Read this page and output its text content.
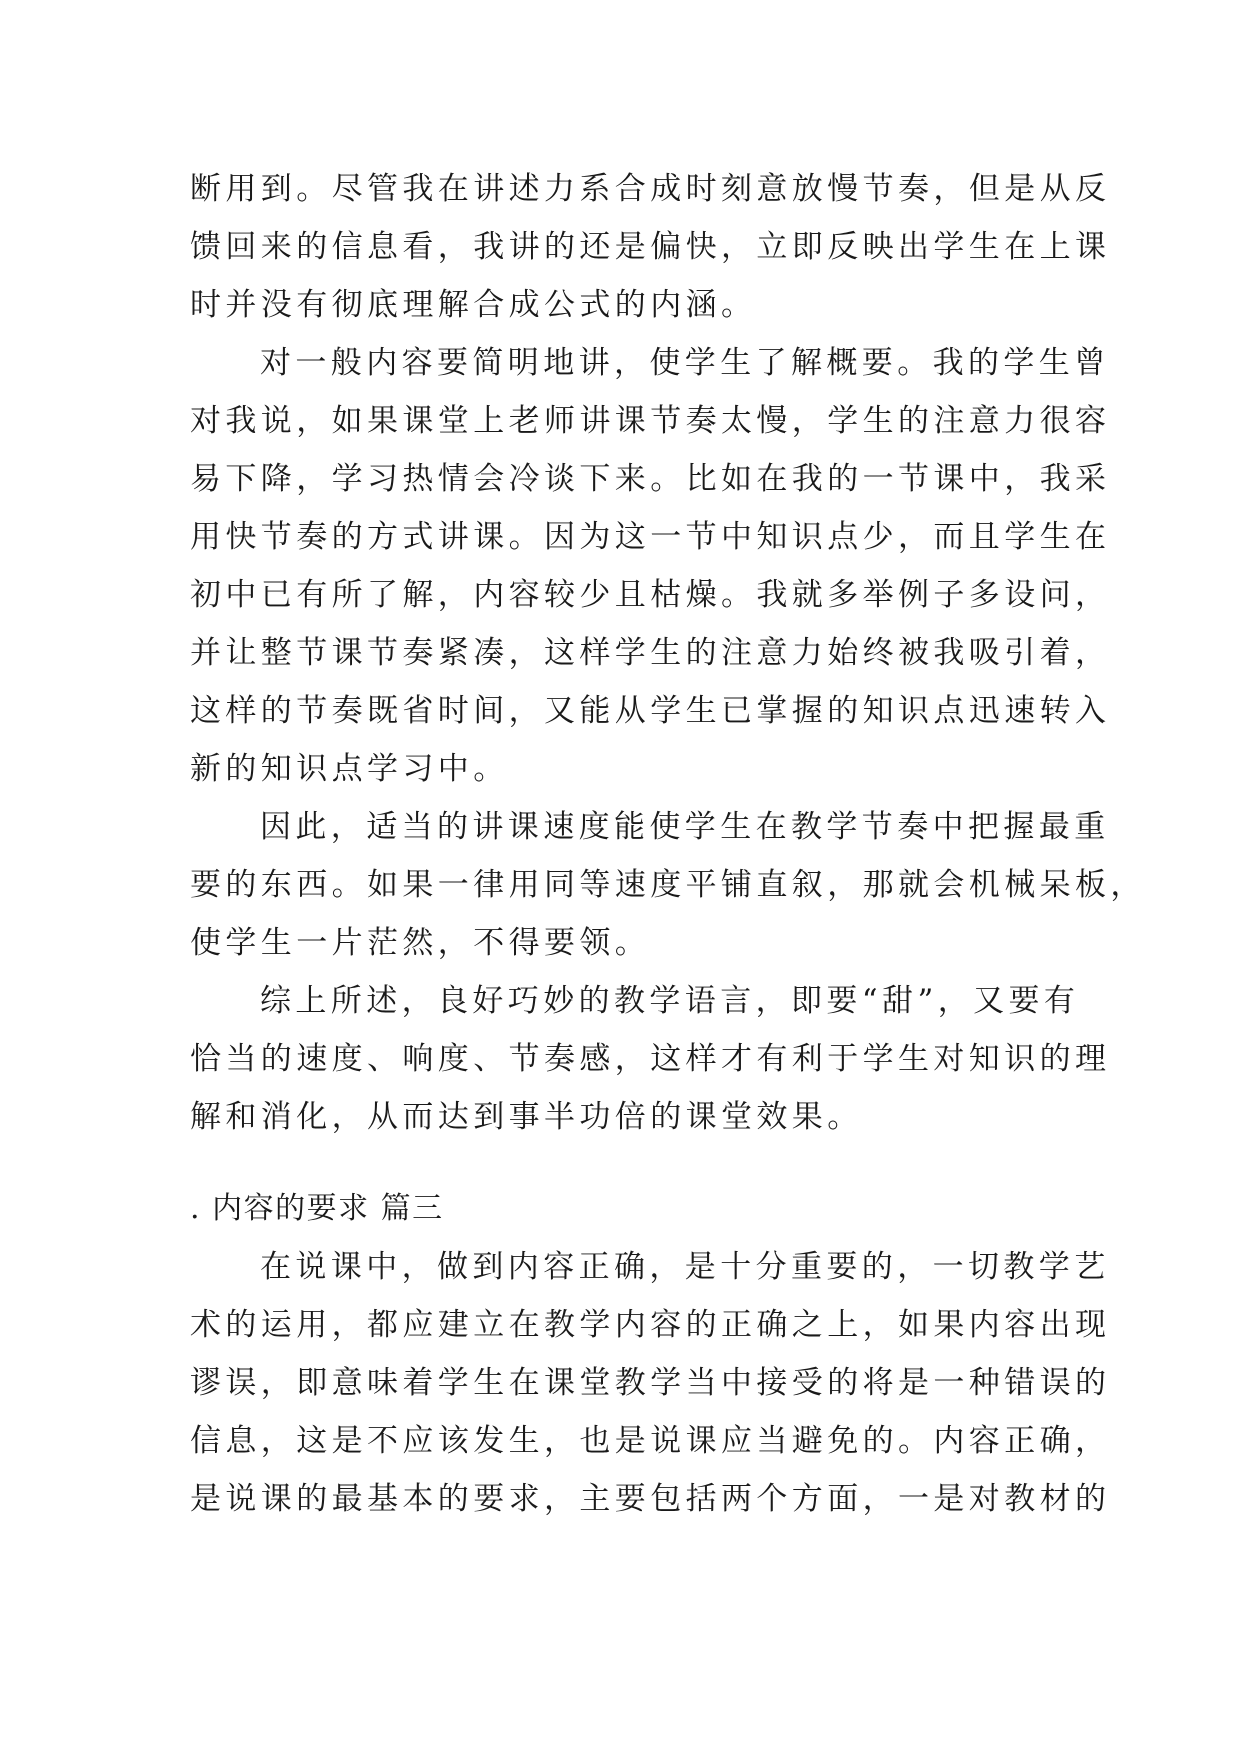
断用到。尽管我在讲述力系合成时刻意放慢节奏，但是从反
馈回来的信息看，我讲的还是偏快，立即反映出学生在上课
时并没有彻底理解合成公式的内涵。
对一般内容要简明地讲，使学生了解概要。我的学生曾
对我说，如果课堂上老师讲课节奏太慢，学生的注意力很容
易下降，学习热情会冷谈下来。比如在我的一节课中，我采
用快节奏的方式讲课。因为这一节中知识点少，而且学生在
初中已有所了解，内容较少且枯燥。我就多举例子多设问，
并让整节课节奏紧凑，这样学生的注意力始终被我吸引着，
这样的节奏既省时间，又能从学生已掌握的知识点迅速转入
新的知识点学习中。
因此，适当的讲课速度能使学生在教学节奏中把握最重
要的东西。如果一律用同等速度平铺直叙，那就会机械呆板，
使学生一片茫然，不得要领。
综上所述，良好巧妙的教学语言，即要“甜”，又要有
恰当的速度、响度、节奏感，这样才有利于学生对知识的理
解和消化，从而达到事半功倍的课堂效果。
. 内容的要求 篇三
在说课中，做到内容正确，是十分重要的，一切教学艺
术的运用，都应建立在教学内容的正确之上，如果内容出现
谬误，即意味着学生在课堂教学当中接受的将是一种错误的
信息，这是不应该发生，也是说课应当避免的。内容正确，
是说课的最基本的要求，主要包括两个方面，一是对教材的
